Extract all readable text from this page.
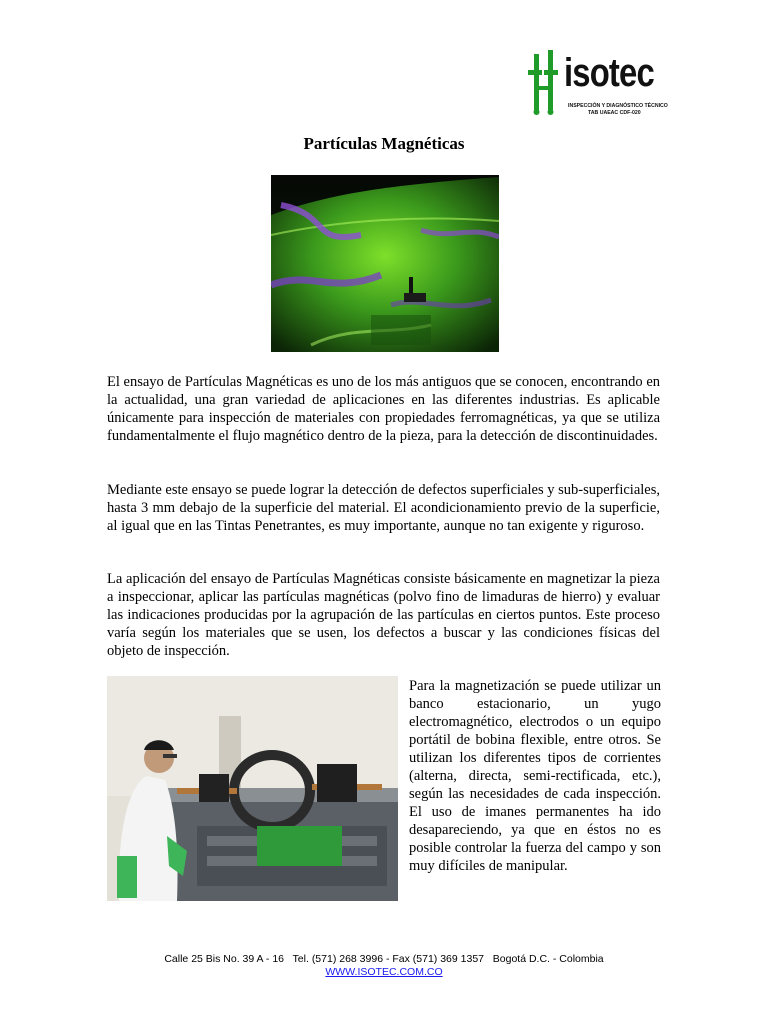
isotec
INSPECCIÓN Y DIAGNÓSTICO TÉCNICO
TAB UAEAC CDF-020
Partículas Magnéticas
El ensayo de Partículas Magnéticas es uno de los más antiguos que se conocen, encontrando en la actualidad, una gran variedad de aplicaciones en las diferentes industrias. Es aplicable únicamente para inspección de materiales con propiedades ferromagnéticas, ya que se utiliza fundamentalmente el flujo magnético dentro de la pieza, para la detección de discontinuidades.
Mediante este ensayo se puede lograr la detección de defectos superficiales y sub-superficiales, hasta 3 mm debajo de la superficie del material. El acondicionamiento previo de la superficie, al igual que en las Tintas Penetrantes, es muy importante, aunque no tan exigente y riguroso.
La aplicación del ensayo de Partículas Magnéticas consiste básicamente en magnetizar la pieza a inspeccionar, aplicar las partículas magnéticas (polvo fino de limaduras de hierro) y evaluar las indicaciones producidas por la agrupación de las partículas en ciertos puntos. Este proceso varía según los materiales que se usen, los defectos a buscar y las condiciones físicas del objeto de inspección.
Para la magnetización se puede utilizar un banco estacionario, un yugo electromagnético, electrodos o un equipo portátil de bobina flexible, entre otros. Se utilizan los diferentes tipos de corrientes (alterna, directa, semi-rectificada, etc.), según las necesidades de cada inspección. El uso de imanes permanentes ha ido desapareciendo, ya que en éstos no es posible controlar la fuerza del campo y son muy difíciles de manipular.
Calle 25 Bis No. 39 A - 16   Tel. (571) 268 3996 - Fax (571) 369 1357   Bogotá D.C. - Colombia
WWW.ISOTEC.COM.CO
